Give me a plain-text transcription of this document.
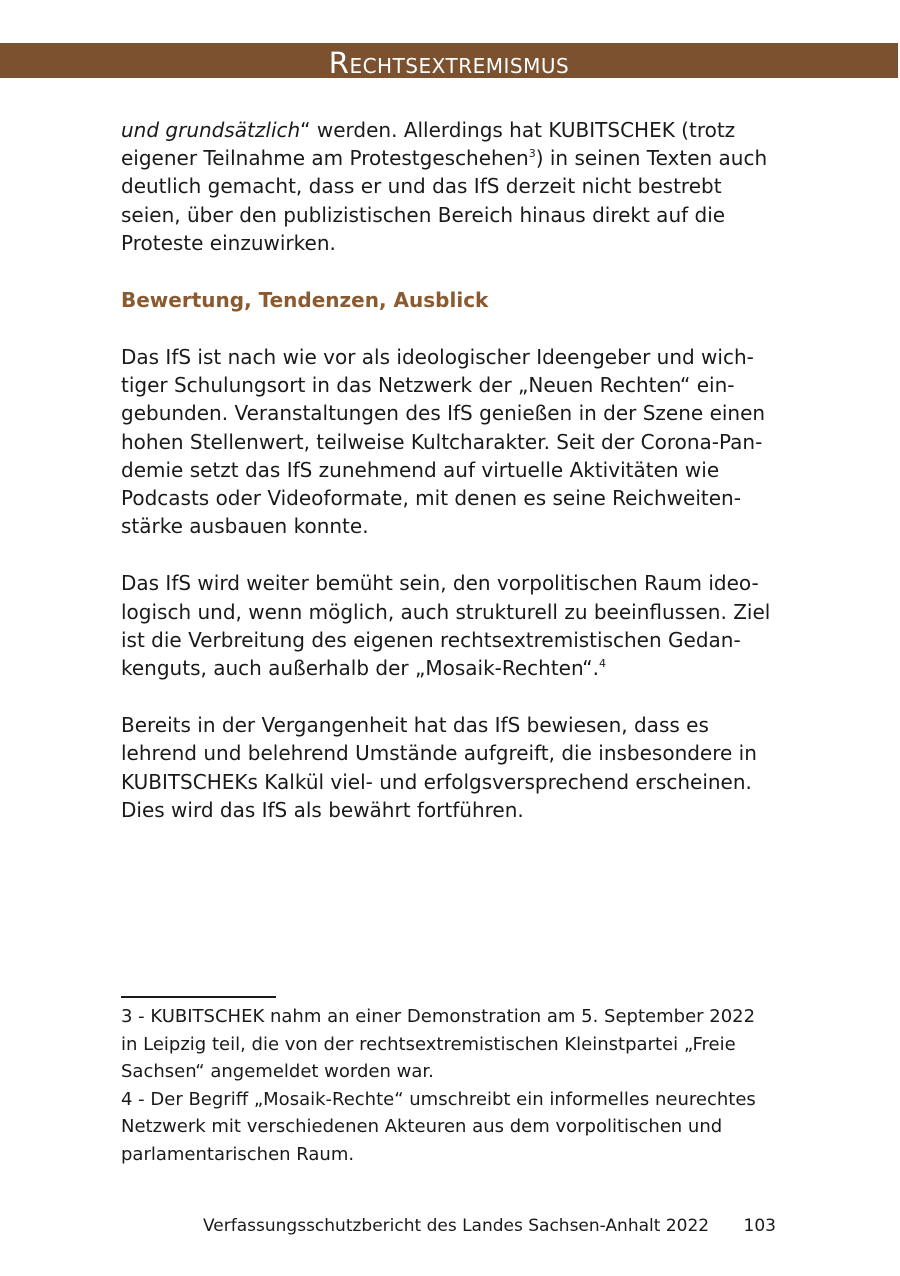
Rechtsextremismus

und grundsätzlich“ werden. Allerdings hat KUBITSCHEK (trotz
eigener Teilnahme am Protestgeschehen$^3$) in seinen Texten auch
deutlich gemacht, dass er und das IfS derzeit nicht bestrebt
seien, über den publizistischen Bereich hinaus direkt auf die
Proteste einzuwirken.

Bewertung, Tendenzen, Ausblick

Das IfS ist nach wie vor als ideologischer Ideengeber und wich-
tiger Schulungsort in das Netzwerk der „Neuen Rechten“ ein-
gebunden. Veranstaltungen des IfS genießen in der Szene einen
hohen Stellenwert, teilweise Kultcharakter. Seit der Corona-Pan-
demie setzt das IfS zunehmend auf virtuelle Aktivitäten wie
Podcasts oder Videoformate, mit denen es seine Reichweiten-
stärke ausbauen konnte.

Das IfS wird weiter bemüht sein, den vorpolitischen Raum ideo-
logisch und, wenn möglich, auch strukturell zu beeinflussen. Ziel
ist die Verbreitung des eigenen rechtsextremistischen Gedan-
kenguts, auch außerhalb der „Mosaik-Rechten“.$^4$

Bereits in der Vergangenheit hat das IfS bewiesen, dass es
lehrend und belehrend Umstände aufgreift, die insbesondere in
KUBITSCHEKs Kalkül viel- und erfolgsversprechend erscheinen.
Dies wird das IfS als bewährt fortführen.

3 - KUBITSCHEK nahm an einer Demonstration am 5. September 2022
in Leipzig teil, die von der rechtsextremistischen Kleinstpartei „Freie
Sachsen“ angemeldet worden war.

4 - Der Begriff „Mosaik-Rechte“ umschreibt ein informelles neurechtes
Netzwerk mit verschiedenen Akteuren aus dem vorpolitischen und
parlamentarischen Raum.

Verfassungsschutzbericht des Landes Sachsen-Anhalt 2022 103
